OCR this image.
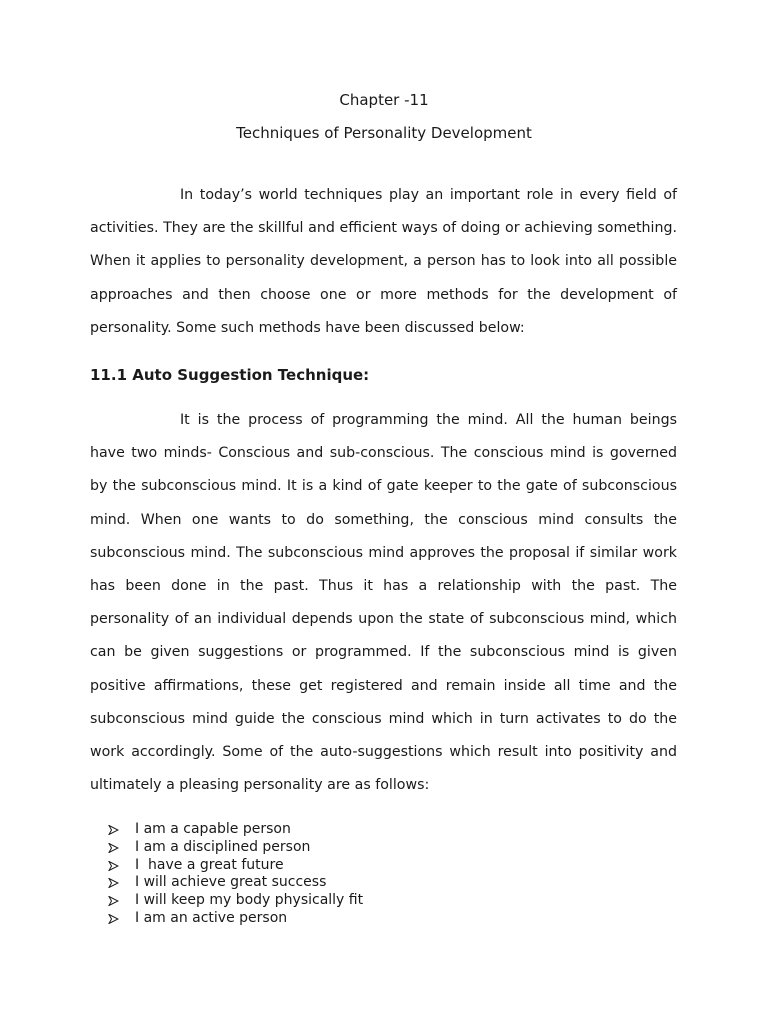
Chapter -11
Techniques of Personality Development

In today’s world techniques play an important role in every field of activities. They are the skillful and efficient ways of doing or achieving something. When it applies to personality development, a person has to look into all possible approaches and then choose one or more methods for the development of personality. Some such methods have been discussed below:

11.1 Auto Suggestion Technique:

It is the process of programming the mind. All the human beings have two minds- Conscious and sub-conscious. The conscious mind is governed by the subconscious mind. It is a kind of gate keeper to the gate of subconscious mind. When one wants to do something, the conscious mind consults the subconscious mind. The subconscious mind approves the proposal if similar work has been done in the past. Thus it has a relationship with the past. The personality of an individual depends upon the state of subconscious mind, which can be given suggestions or programmed. If the subconscious mind is given positive affirmations, these get registered and remain inside all time and the subconscious mind guide the conscious mind which in turn activates to do the work accordingly. Some of the auto-suggestions which result into positivity and ultimately a pleasing personality are as follows:

I am a capable person
I am a disciplined person
I  have a great future
I will achieve great success
I will keep my body physically fit
I am an active person
